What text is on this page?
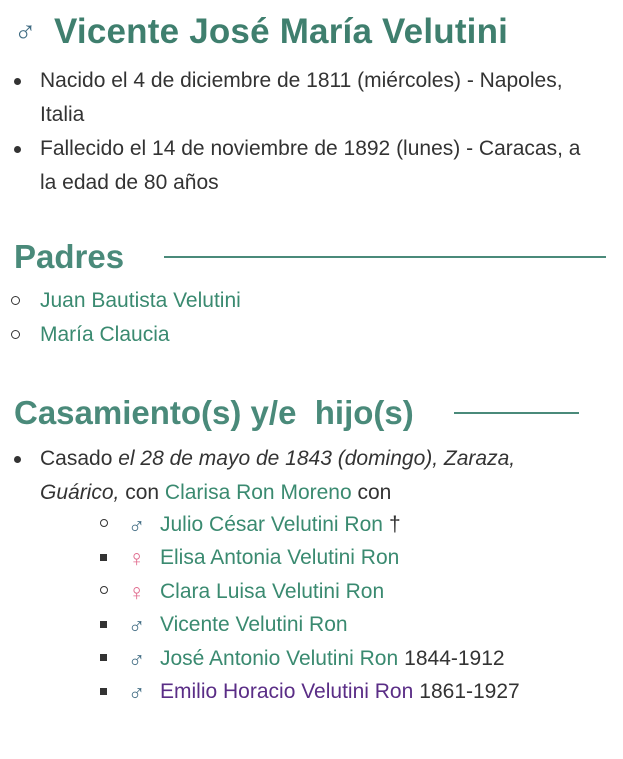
♂ Vicente José María Velutini
Nacido el 4 de diciembre de 1811 (miércoles) - Napoles, Italia
Fallecido el 14 de noviembre de 1892 (lunes) - Caracas, a la edad de 80 años
Padres
Juan Bautista Velutini
María Claucia
Casamiento(s) y/e  hijo(s)
Casado el 28 de mayo de 1843 (domingo), Zaraza, Guárico, con Clarisa Ron Moreno con
♂ Julio César Velutini Ron †
♀ Elisa Antonia Velutini Ron
♀ Clara Luisa Velutini Ron
♂ Vicente Velutini Ron
♂ José Antonio Velutini Ron 1844-1912
♂ Emilio Horacio Velutini Ron 1861-1927
